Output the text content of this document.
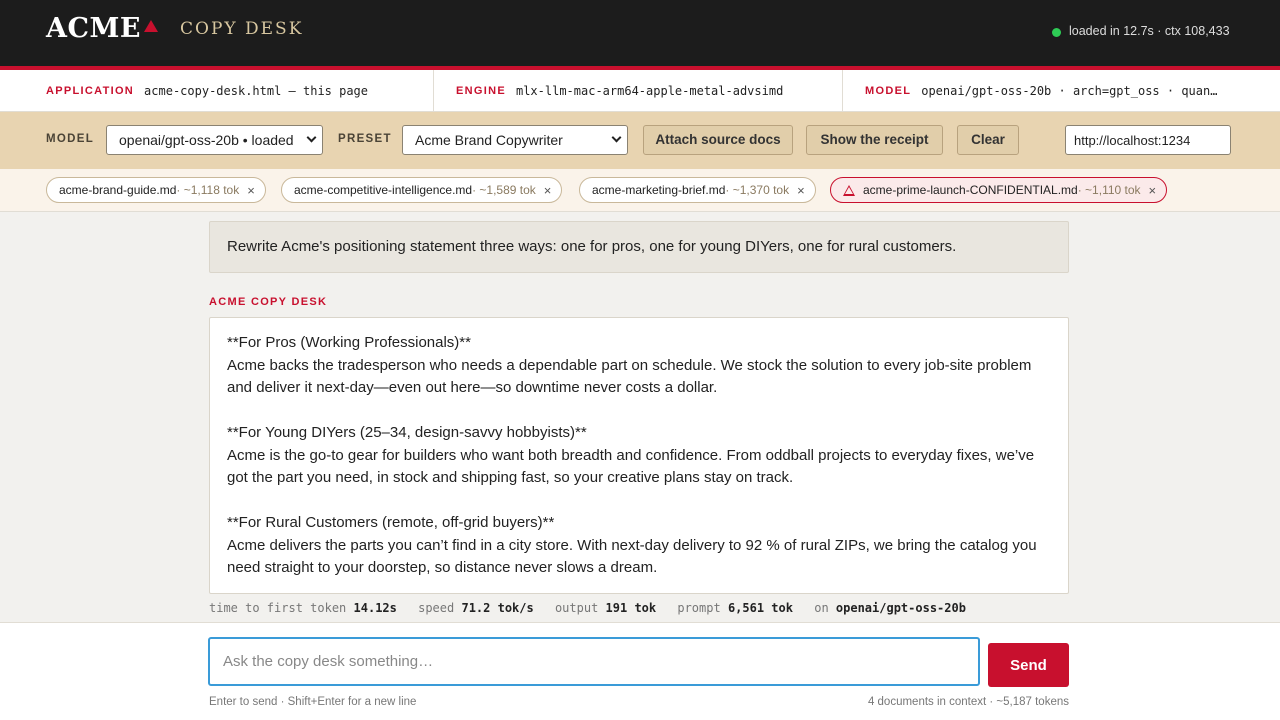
ACME COPY DESK	loaded in 12.7s · ctx 108,433
APPLICATION acme-copy-desk.html — this page	ENGINE mlx-llm-mac-arm64-apple-metal-advsimd	MODEL openai/gpt-oss-20b · arch=gpt_oss · quan…
MODEL	openai/gpt-oss-20b • loaded	PRESET	Acme Brand Copywriter	Attach source docs	Show the receipt	Clear
http://localhost:1234
acme-brand-guide.md · ~1,118 tok ×	acme-competitive-intelligence.md · ~1,589 tok ×	acme-marketing-brief.md · ~1,370 tok ×	acme-prime-launch-CONFIDENTIAL.md · ~1,110 tok ×
Rewrite Acme's positioning statement three ways: one for pros, one for young DIYers, one for rural customers.
ACME COPY DESK

**For Pros (Working Professionals)**

Acme backs the tradesperson who needs a dependable part on schedule. We stock the solution to every job-site problem and deliver it next-day—even out here—so downtime never costs a dollar.

**For Young DIYers (25–34, design-savvy hobbyists)**

Acme is the go-to gear for builders who want both breadth and confidence. From oddball projects to everyday fixes, we’ve got the part you need, in stock and shipping fast, so your creative plans stay on track.

**For Rural Customers (remote, off-grid buyers)**

Acme delivers the parts you can’t find in a city store. With next-day delivery to 92 % of rural ZIPs, we bring the catalog you need straight to your doorstep, so distance never slows a dream.

time to first token 14.12s speed 71.2 tok/s output 191 tok prompt 6,561 tok on openai/gpt-oss-20b
Ask the copy desk something…
Send
Enter to send · Shift+Enter for a new line	4 documents in context · ~5,187 tokens
